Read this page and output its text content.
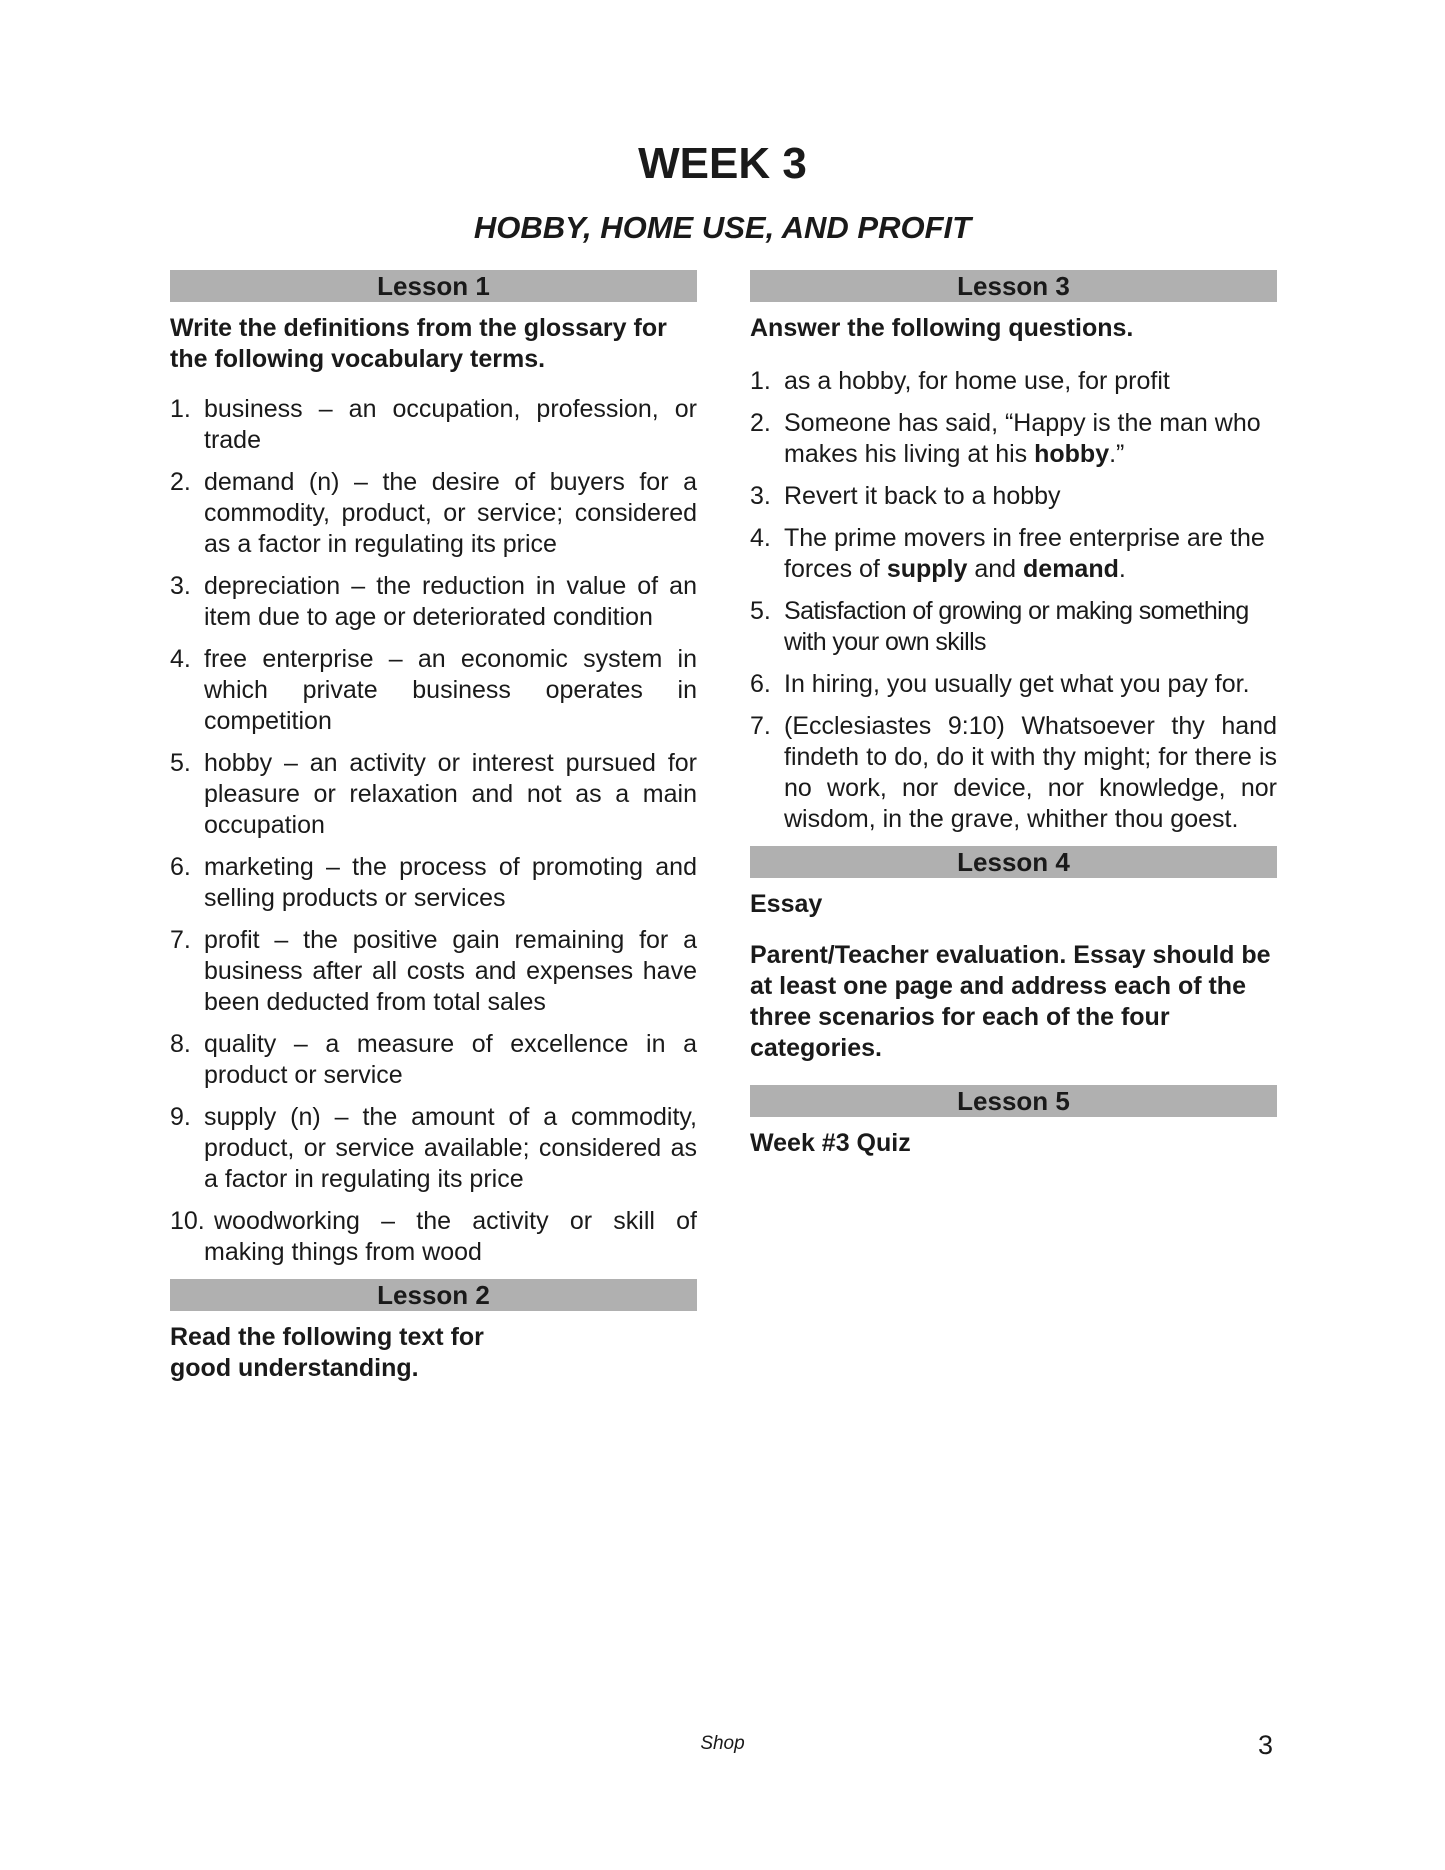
WEEK 3
HOBBY, HOME USE, AND PROFIT
Lesson 1
Write the definitions from the glossary for the following vocabulary terms.
1. business – an occupation, profession, or trade
2. demand (n) – the desire of buyers for a commodity, product, or service; considered as a factor in regulating its price
3. depreciation – the reduction in value of an item due to age or deteriorated condition
4. free enterprise – an economic system in which private business operates in competition
5. hobby – an activity or interest pursued for pleasure or relaxation and not as a main occupation
6. marketing – the process of promoting and selling products or services
7. profit – the positive gain remaining for a business after all costs and expenses have been deducted from total sales
8. quality – a measure of excellence in a product or service
9. supply (n) – the amount of a commodity, product, or service available; considered as a factor in regulating its price
10. woodworking – the activity or skill of making things from wood
Lesson 2
Read the following text for
good understanding.
Lesson 3
Answer the following questions.
1. as a hobby, for home use, for profit
2. Someone has said, “Happy is the man who makes his living at his hobby.”
3. Revert it back to a hobby
4. The prime movers in free enterprise are the forces of supply and demand.
5. Satisfaction of growing or making something with your own skills
6. In hiring, you usually get what you pay for.
7. (Ecclesiastes 9:10) Whatsoever thy hand findeth to do, do it with thy might; for there is no work, nor device, nor knowledge, nor wisdom, in the grave, whither thou goest.
Lesson 4
Essay
Parent/Teacher evaluation. Essay should be at least one page and address each of the three scenarios for each of the four categories.
Lesson 5
Week #3 Quiz
Shop	3
